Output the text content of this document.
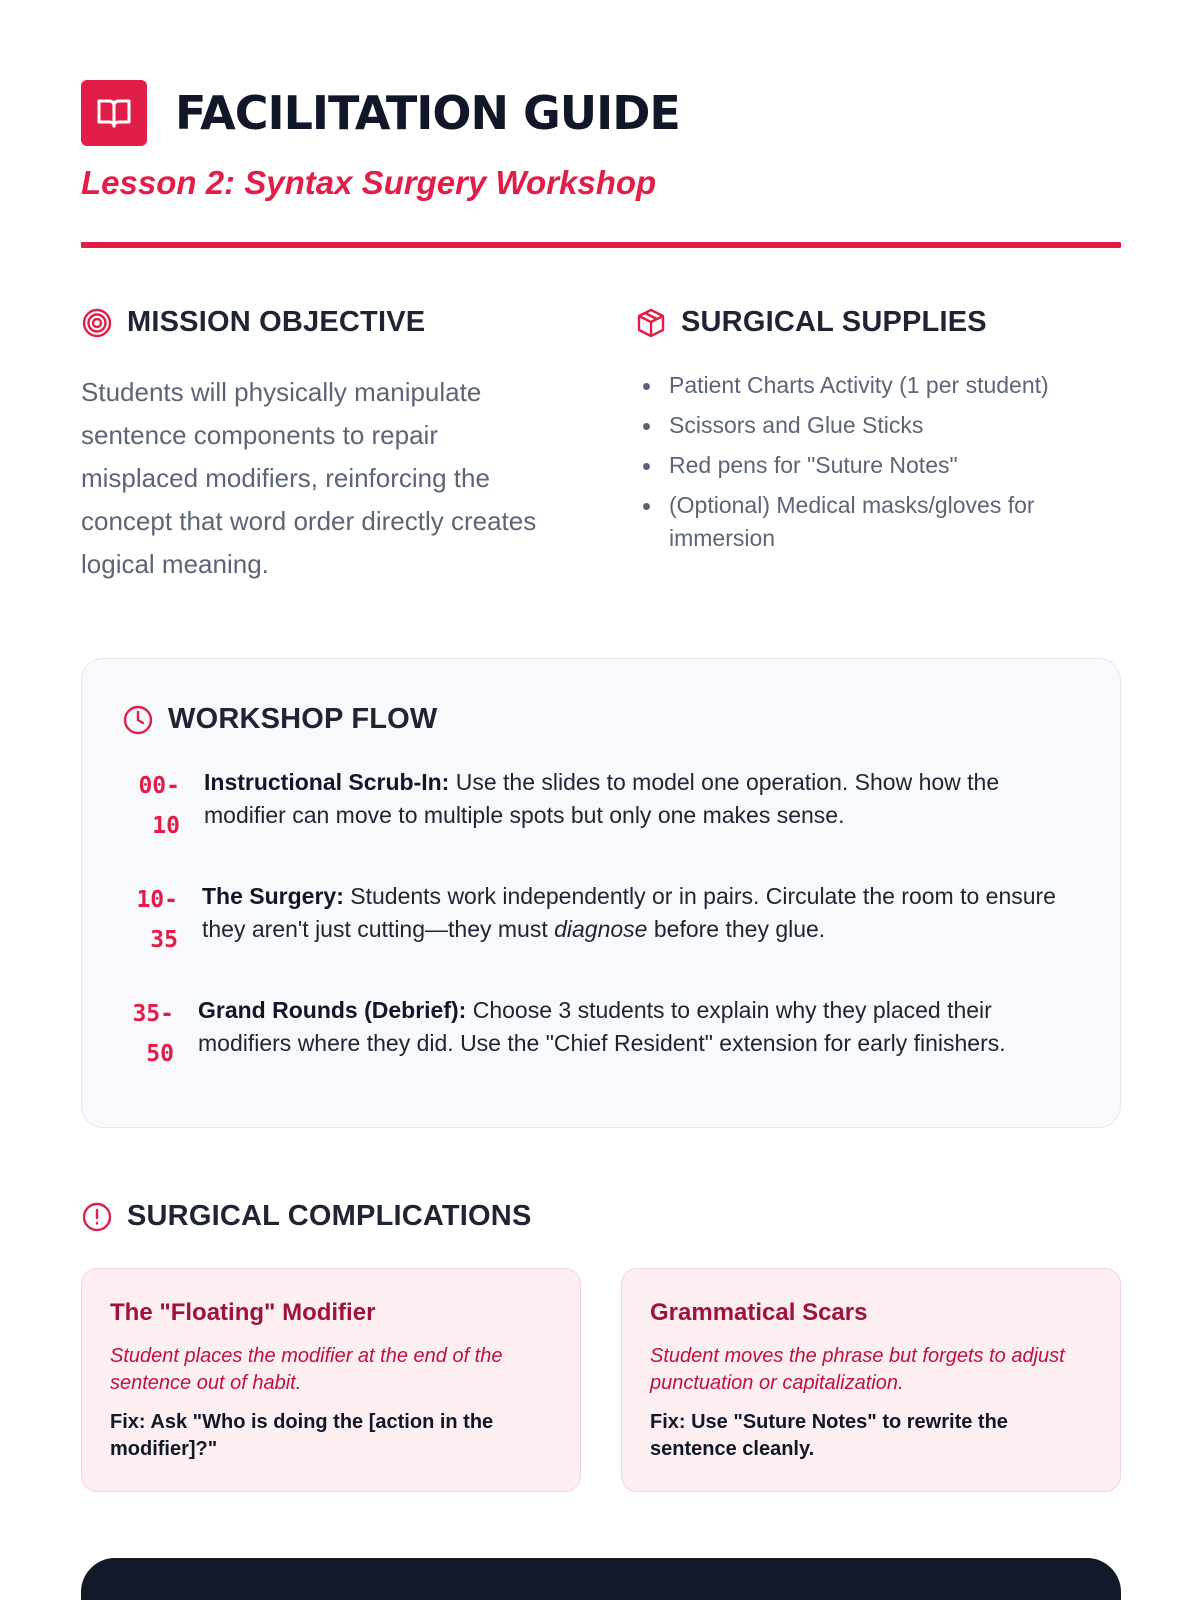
FACILITATION GUIDE
Lesson 2: Syntax Surgery Workshop
MISSION OBJECTIVE

Students will physically manipulate sentence components to repair misplaced modifiers, reinforcing the concept that word order directly creates logical meaning.

SURGICAL SUPPLIES
Patient Charts Activity (1 per student)
Scissors and Glue Sticks
Red pens for "Suture Notes"
(Optional) Medical masks/gloves for immersion
WORKSHOP FLOW
00-
10
Instructional Scrub-In: Use the slides to model one operation. Show how the modifier can move to multiple spots but only one makes sense.
10-
35
The Surgery: Students work independently or in pairs. Circulate the room to ensure they aren't just cutting—they must diagnose before they glue.
35-
50
Grand Rounds (Debrief): Choose 3 students to explain why they placed their modifiers where they did. Use the "Chief Resident" extension for early finishers.
SURGICAL COMPLICATIONS
The "Floating" Modifier

Student places the modifier at the end of the sentence out of habit.

Fix: Ask "Who is doing the [action in the modifier]?"

Grammatical Scars

Student moves the phrase but forgets to adjust punctuation or capitalization.

Fix: Use "Suture Notes" to rewrite the sentence cleanly.
